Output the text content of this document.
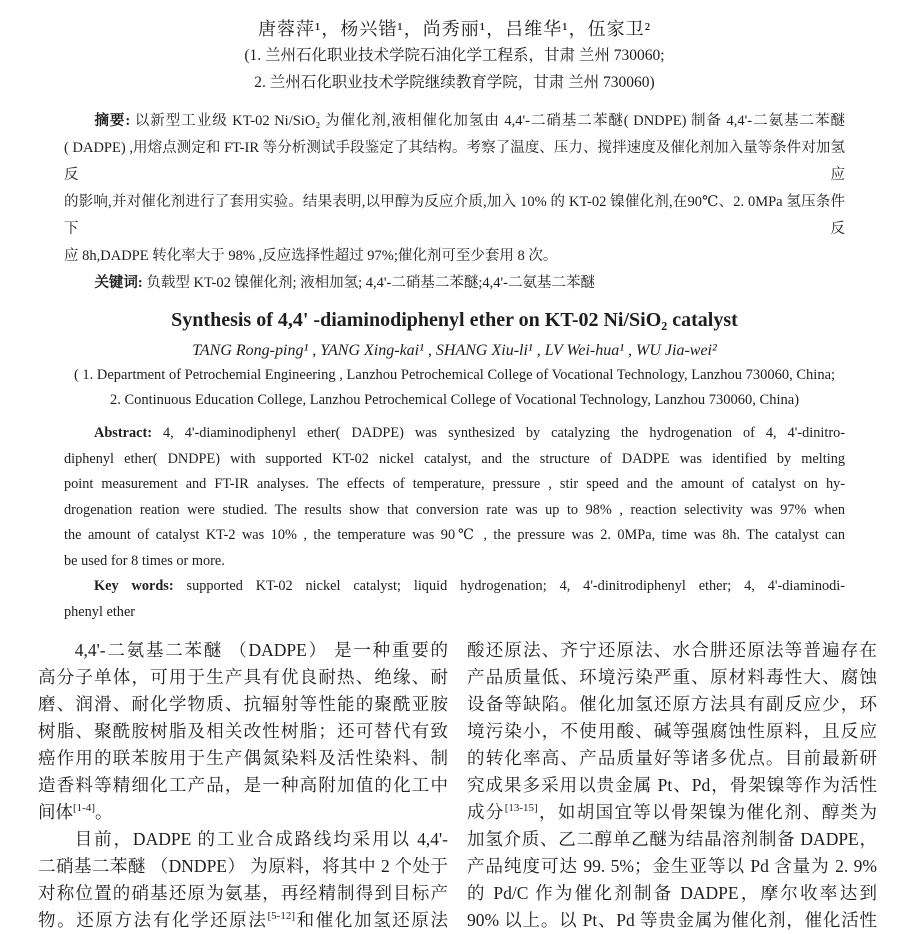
唐蓉萍¹，杨兴锴¹，尚秀丽¹，吕维华¹，伍家卫²
(1. 兰州石化职业技术学院石油化学工程系，甘肃 兰州 730060;
2. 兰州石化职业技术学院继续教育学院，甘肃 兰州 730060)
摘要: 以新型工业级 KT-02 Ni/SiO₂ 为催化剂,液相催化加氢由 4,4'-二硝基二苯醚( DNDPE) 制备 4,4'-二氨基二苯醚
( DADPE) ,用熔点测定和 FT-IR 等分析测试手段鉴定了其结构。考察了温度、压力、搅拌速度及催化剂加入量等条件对加氢反应
的影响,并对催化剂进行了套用实验。结果表明,以甲醇为反应介质,加入 10% 的 KT-02 镍催化剂,在90℃、2. 0MPa 氢压条件下反
应 8h,DADPE 转化率大于 98% ,反应选择性超过 97%;催化剂可至少套用 8 次。
关键词: 负载型 KT-02 镍催化剂; 液相加氢; 4,4'-二硝基二苯醚;4,4'-二氨基二苯醚
Synthesis of 4,4' -diaminodiphenyl ether on KT-02 Ni/SiO₂ catalyst
TANG Rong-ping¹ , YANG Xing-kai¹ , SHANG Xiu-li¹ , LV Wei-hua¹ , WU Jia-wei²
( 1. Department of Petrochemial Engineering , Lanzhou Petrochemical College of Vocational Technology, Lanzhou 730060, China;
2. Continuous Education College, Lanzhou Petrochemical College of Vocational Technology, Lanzhou 730060, China)
Abstract: 4, 4'-diaminodiphenyl ether( DADPE) was synthesized by catalyzing the hydrogenation of 4, 4'-dinitro-
diphenyl ether( DNDPE) with supported KT-02 nickel catalyst, and the structure of DADPE was identified by melting
point measurement and FT-IR analyses. The effects of temperature, pressure , stir speed and the amount of catalyst on hy-
drogenation reation were studied. The results show that conversion rate was up to 98% , reaction selectivity was 97% when
the amount of catalyst KT-2 was 10% , the temperature was 90℃ , the pressure was 2. 0MPa, time was 8h. The catalyst can
be used for 8 times or more.
Key words: supported KT-02 nickel catalyst; liquid hydrogenation; 4, 4'-dinitrodiphenyl ether; 4, 4'-diaminodi-
phenyl ether
4,4'-二氨基二苯醚 （DADPE） 是一种重要的
高分子单体，可用于生产具有优良耐热、绝缘、耐
磨、润滑、耐化学物质、抗辐射等性能的聚酰亚胺
树脂、聚酰胺树脂及相关改性树脂；还可替代有致
癌作用的联苯胺用于生产偶氮染料及活性染料、制
造香料等精细化工产品，是一种高附加值的化工中
间体[1-4]。
目前，DADPE 的工业合成路线均采用以 4,4'-
二硝基二苯醚 （DNDPE） 为原料，将其中 2 个处于
对称位置的硝基还原为氨基，再经精制得到目标产
物。还原方法有化学还原法[5-12]和催化加氢还原法
酸还原法、齐宁还原法、水合肼还原法等普遍存在
产品质量低、环境污染严重、原材料毒性大、腐蚀
设备等缺陷。催化加氢还原方法具有副反应少，环
境污染小，不使用酸、碱等强腐蚀性原料，且反应
的转化率高、产品质量好等诸多优点。目前最新研
究成果多采用以贵金属 Pt、Pd，骨架镍等作为活性
成分[13-15]，如胡国宜等以骨架镍为催化剂、醇类为
加氢介质、乙二醇单乙醚为结晶溶剂制备 DADPE，
产品纯度可达 99. 5%；金生亚等以 Pd 含量为 2. 9%
的 Pd/C 作为催化剂制备 DADPE，摩尔收率达到
90% 以上。以 Pt、Pd 等贵金属为催化剂，催化活性
